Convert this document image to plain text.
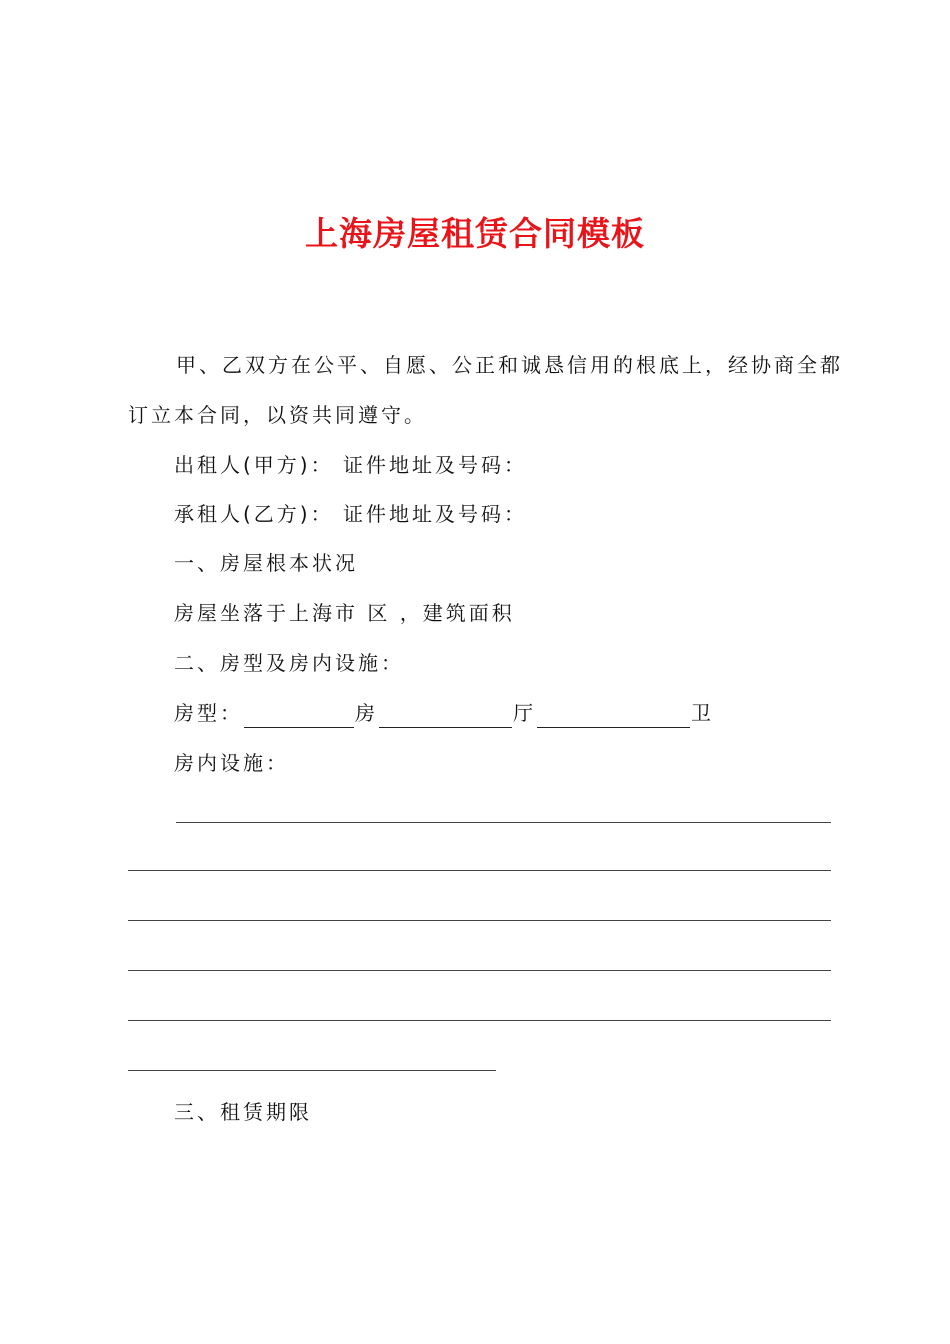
上海房屋租赁合同模板
甲、乙双方在公平、自愿、公正和诚恳信用的根底上，经协商全都
订立本合同，以资共同遵守。
出租人(甲方)： 证件地址及号码：
承租人(乙方)： 证件地址及号码：
一、房屋根本状况
房屋坐落于上海市 区 ，建筑面积
二、房型及房内设施：
房型：	房	厅	卫
房内设施：
三、租赁期限
